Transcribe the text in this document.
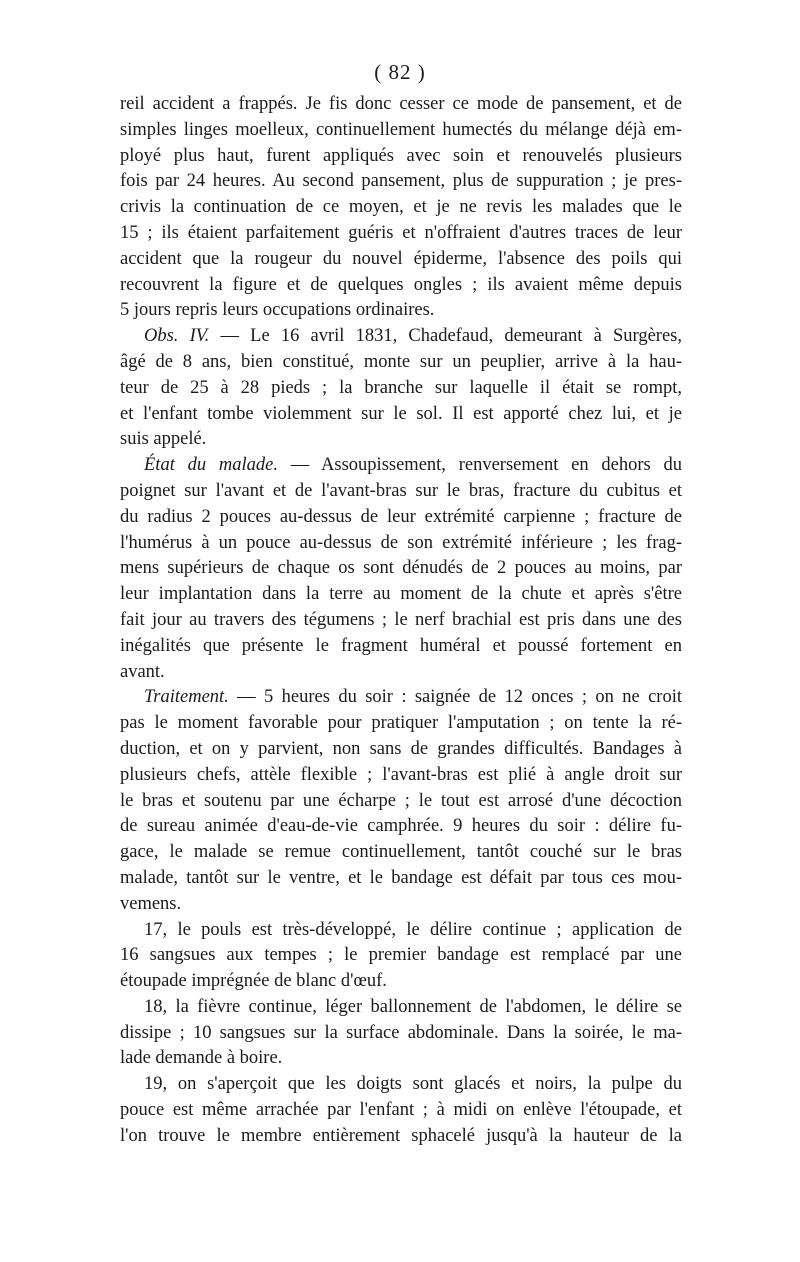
( 82 )
reil accident a frappés. Je fis donc cesser ce mode de pansement, et de
simples linges moelleux, continuellement humectés du mélange déjà em-
ployé plus haut, furent appliqués avec soin et renouvelés plusieurs
fois par 24 heures. Au second pansement, plus de suppuration ; je pres-
crivis la continuation de ce moyen, et je ne revis les malades que le
15 ; ils étaient parfaitement guéris et n'offraient d'autres traces de leur
accident que la rougeur du nouvel épiderme, l'absence des poils qui
recouvrent la figure et de quelques ongles ; ils avaient même depuis
5 jours repris leurs occupations ordinaires.
Obs. IV. — Le 16 avril 1831, Chadefaud, demeurant à Surgères,
âgé de 8 ans, bien constitué, monte sur un peuplier, arrive à la hau-
teur de 25 à 28 pieds ; la branche sur laquelle il était se rompt,
et l'enfant tombe violemment sur le sol. Il est apporté chez lui, et je
suis appelé.
État du malade. — Assoupissement, renversement en dehors du
poignet sur l'avant et de l'avant-bras sur le bras, fracture du cubitus et
du radius 2 pouces au-dessus de leur extrémité carpienne ; fracture de
l'humérus à un pouce au-dessus de son extrémité inférieure ; les frag-
mens supérieurs de chaque os sont dénudés de 2 pouces au moins, par
leur implantation dans la terre au moment de la chute et après s'être
fait jour au travers des tégumens ; le nerf brachial est pris dans une des
inégalités que présente le fragment huméral et poussé fortement en
avant.
Traitement. — 5 heures du soir : saignée de 12 onces ; on ne croit
pas le moment favorable pour pratiquer l'amputation ; on tente la ré-
duction, et on y parvient, non sans de grandes difficultés. Bandages à
plusieurs chefs, attèle flexible ; l'avant-bras est plié à angle droit sur
le bras et soutenu par une écharpe ; le tout est arrosé d'une décoction
de sureau animée d'eau-de-vie camphrée. 9 heures du soir : délire fu-
gace, le malade se remue continuellement, tantôt couché sur le bras
malade, tantôt sur le ventre, et le bandage est défait par tous ces mou-
vemens.
17, le pouls est très-développé, le délire continue ; application de
16 sangsues aux tempes ; le premier bandage est remplacé par une
étoupade imprégnée de blanc d'œuf.
18, la fièvre continue, léger ballonnement de l'abdomen, le délire se
dissipe ; 10 sangsues sur la surface abdominale. Dans la soirée, le ma-
lade demande à boire.
19, on s'aperçoit que les doigts sont glacés et noirs, la pulpe du
pouce est même arrachée par l'enfant ; à midi on enlève l'étoupade, et
l'on trouve le membre entièrement sphacelé jusqu'à la hauteur de la
